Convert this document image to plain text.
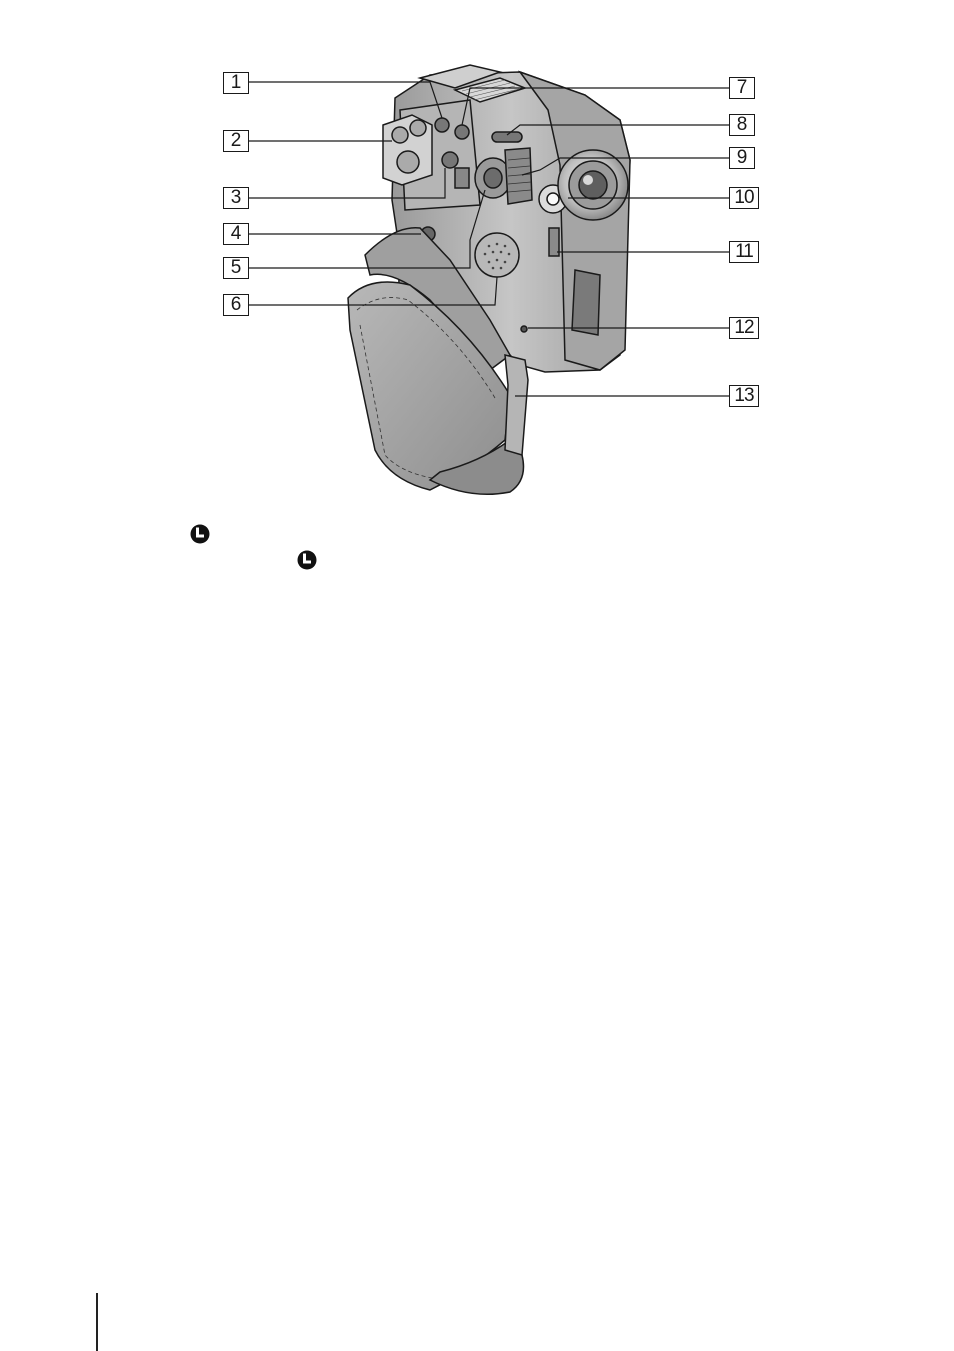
1
2
3
4
5
6
7
8
9
10
11
12
13
